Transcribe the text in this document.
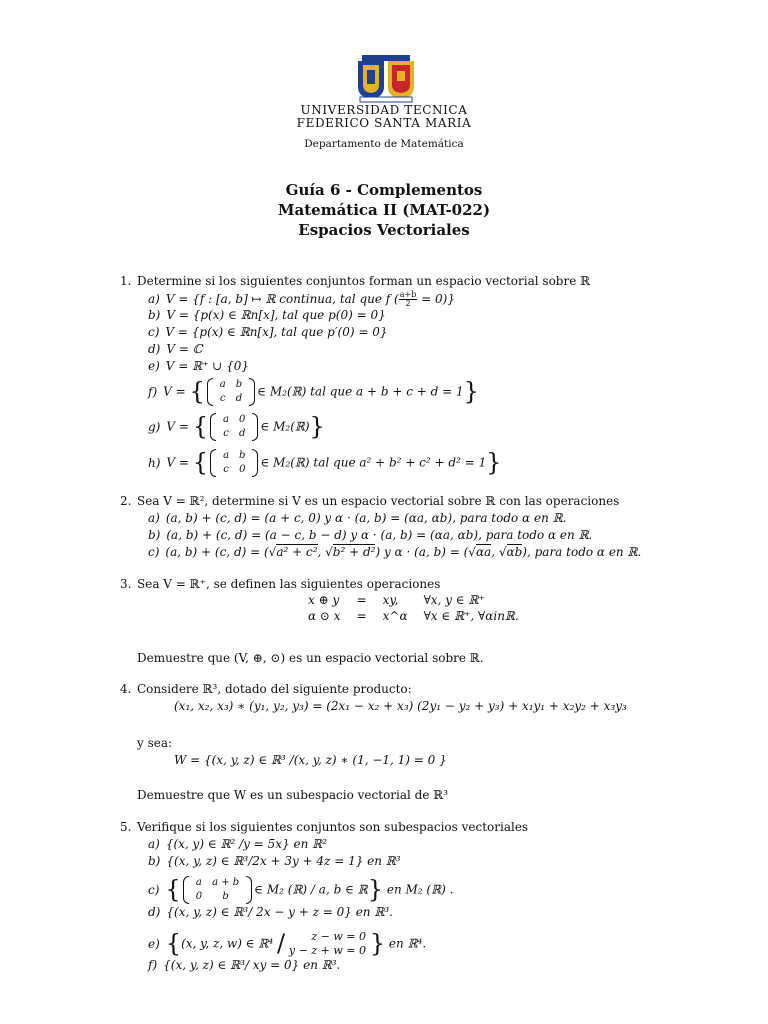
UNIVERSIDAD TECNICA
FEDERICO SANTA MARIA
Departamento de Matemática
Guía 6 - Complementos
Matemática II (MAT-022)
Espacios Vectoriales
1. Determine si los siguientes conjuntos forman un espacio vectorial sobre ℝ
a) V = {f : [a, b] ↦ ℝ continua, tal que f ( $\frac{a+b}{2} = 0$)}
b) V = {p(x) ∈ ℝn[x], tal que p(0) = 0}
c) V = {p(x) ∈ ℝn[x], tal que p′(0) = 0}
d) V = ℂ
e) V = ℝ⁺ ∪ {0}
f) V = { a	b
c	d ∈ M₂(ℝ) tal que a + b + c + d = 1}
g) V = { a	0
c	d ∈ M₂(ℝ)}
h) V = { a	b
c	0 ∈ M₂(ℝ) tal que a² + b² + c² + d² = 1}
2. Sea V = ℝ², determine si V es un espacio vectorial sobre ℝ con las operaciones
a) (a, b) + (c, d) = (a + c, 0) y α · (a, b) = (αa, αb), para todo α en ℝ.
b) (a, b) + (c, d) = (a − c, b − d) y α · (a, b) = (αa, αb), para todo α en ℝ.
c) (a, b) + (c, d) = (√a² + c², √b² + d²) y α · (a, b) = (√αa, √αb), para todo α en ℝ.
3. Sea V = ℝ⁺, se definen las siguientes operaciones
x ⊕ y	=	xy,	∀x, y ∈ ℝ⁺
α ⊙ x	=	x^α	∀x ∈ ℝ⁺, ∀αinℝ.
Demuestre que (V, ⊕, ⊙) es un espacio vectorial sobre ℝ.
4. Considere ℝ³, dotado del siguiente producto:
(x₁, x₂, x₃) ∗ (y₁, y₂, y₃) = (2x₁ − x₂ + x₃) (2y₁ − y₂ + y₃) + x₁y₁ + x₂y₂ + x₃y₃
y sea:
W = {(x, y, z) ∈ ℝ³ /(x, y, z) ∗ (1, −1, 1) = 0 }
Demuestre que W es un subespacio vectorial de ℝ³
5. Verifique si los siguientes conjuntos son subespacios vectoriales
a) {(x, y) ∈ ℝ² /y = 5x} en ℝ²
b) {(x, y, z) ∈ ℝ³/2x + 3y + 4z = 1} en ℝ³
c) { a	a + b
0	b ∈ M₂ (ℝ) / a, b ∈ ℝ} en M₂ (ℝ) .
d) {(x, y, z) ∈ ℝ³/ 2x − y + z = 0} en ℝ³.
e) {(x, y, z, w) ∈ ℝ⁴ /	z − w = 0
y − z + w = 0 } en ℝ⁴.
f) {(x, y, z) ∈ ℝ³/ xy = 0} en ℝ³.
